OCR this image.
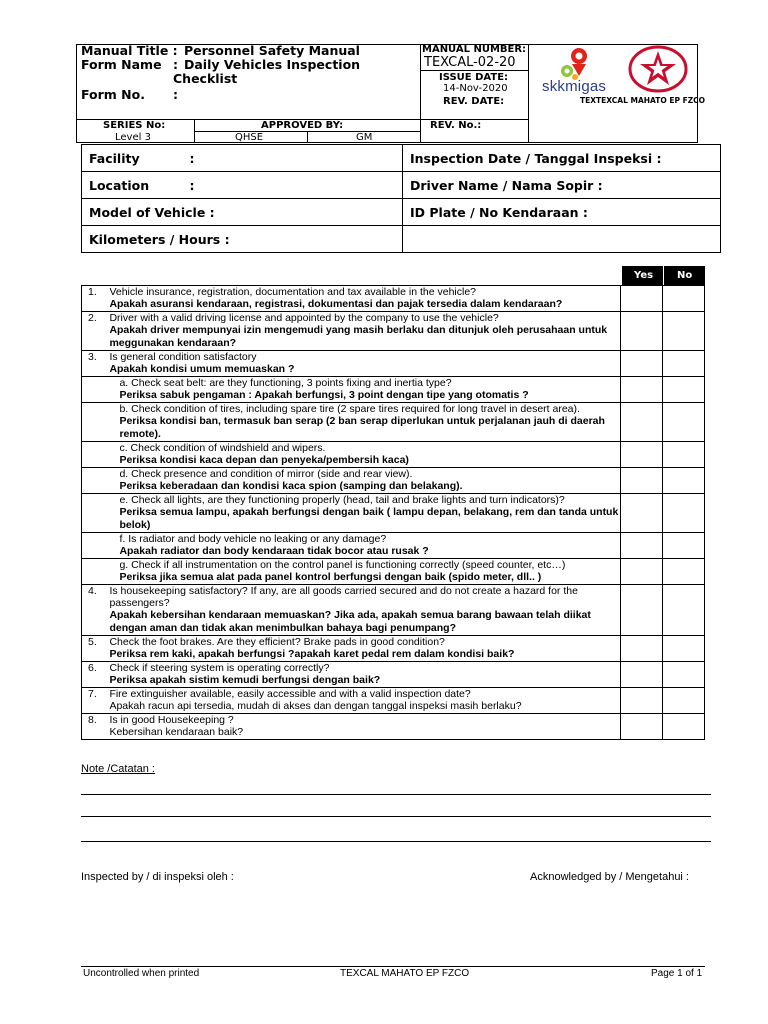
Manual Title : Personnel Safety Manual
Form Name : Daily Vehicles Inspection
Checklist
Form No. :
MANUAL NUMBER:
TEXCAL-02-20
ISSUE DATE:
14-Nov-2020
REV. DATE:
SERIES No:
Level 3
APPROVED BY:
QHSE	GM
REV. No.:
skkmigas
TEXTEXCAL MAHATO EP FZCO
Facility :	Inspection Date / Tanggal Inspeksi :
Location :	Driver Name / Nama Sopir :
Model of Vehicle :	ID Plate / No Kendaraan :
Kilometers / Hours :	
Yes No
1.	Vehicle insurance, registration, documentation and tax available in the vehicle?
Apakah asuransi kendaraan, registrasi, dokumentasi dan pajak tersedia dalam kendaraan?		

2.	Driver with a valid driving license and appointed by the company to use the vehicle?
Apakah driver mempunyai izin mengemudi yang masih berlaku dan ditunjuk oleh perusahaan untuk meggunakan kendaraan?		

3.	Is general condition satisfactory
Apakah kondisi umum memuaskan ?		

	a. Check seat belt: are they functioning, 3 points fixing and inertia type?
Periksa sabuk pengaman : Apakah berfungsi, 3 point dengan tipe yang otomatis ?		

	b. Check condition of tires, including spare tire (2 spare tires required for long travel in desert area).
Periksa kondisi ban, termasuk ban serap (2 ban serap diperlukan untuk perjalanan jauh di daerah remote).		

	c. Check condition of windshield and wipers.
Periksa kondisi kaca depan dan penyeka/pembersih kaca)		

	d. Check presence and condition of mirror (side and rear view).
Periksa keberadaan dan kondisi kaca spion (samping dan belakang).		

	e. Check all lights, are they functioning properly (head, tail and brake lights and turn indicators)?
Periksa semua lampu, apakah berfungsi dengan baik ( lampu depan, belakang, rem dan tanda untuk belok)		

	f. Is radiator and body vehicle no leaking or any damage?
Apakah radiator dan body kendaraan tidak bocor atau rusak ?		

	g. Check if all instrumentation on the control panel is functioning correctly (speed counter, etc…)
Periksa jika semua alat pada panel kontrol berfungsi dengan baik (spido meter, dll.. )		

4.	Is housekeeping satisfactory? If any, are all goods carried secured and do not create a hazard for the passengers?
Apakah kebersihan kendaraan memuaskan? Jika ada, apakah semua barang bawaan telah diikat dengan aman dan tidak akan menimbulkan bahaya bagi penumpang?		

5.	Check the foot brakes. Are they efficient? Brake pads in good condition?
Periksa rem kaki, apakah berfungsi ?apakah karet pedal rem dalam kondisi baik?		

6.	Check if steering system is operating correctly?
Periksa apakah sistim kemudi berfungsi dengan baik?		

7.	Fire extinguisher available, easily accessible and with a valid inspection date?
Apakah racun api tersedia, mudah di akses dan dengan tanggal inspeksi masih berlaku?		

8.	Is in good Housekeeping ?
Kebersihan kendaraan baik?		

Note /Catatan :
Inspected by / di inspeksi oleh :	Acknowledged by / Mengetahui :
Uncontrolled when printed	TEXCAL MAHATO EP FZCO	Page 1 of 1
